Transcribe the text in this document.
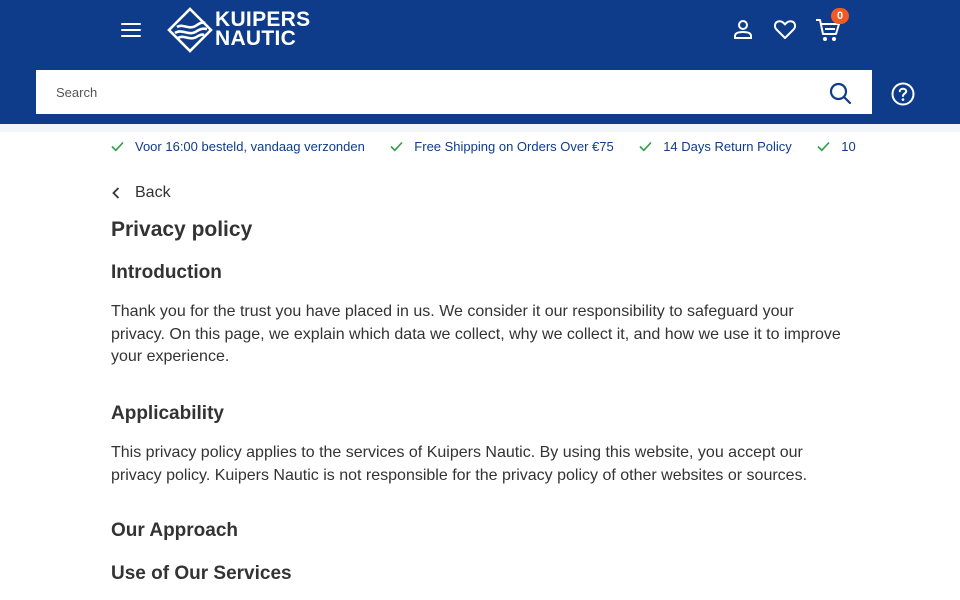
KUIPERS
NAUTIC
0
Search
Voor 16:00 besteld, vandaag verzonden
	Free Shipping on Orders Over €75
	14 Days Return Policy
	10
Back
Privacy policy
Introduction

Thank you for the trust you have placed in us. We consider it our responsibility to safeguard your privacy. On this page, we explain which data we collect, why we collect it, and how we use it to improve your experience.

Applicability

This privacy policy applies to the services of Kuipers Nautic. By using this website, you accept our privacy policy. Kuipers Nautic is not responsible for the privacy policy of other websites or sources.

Our Approach
Use of Our Services
